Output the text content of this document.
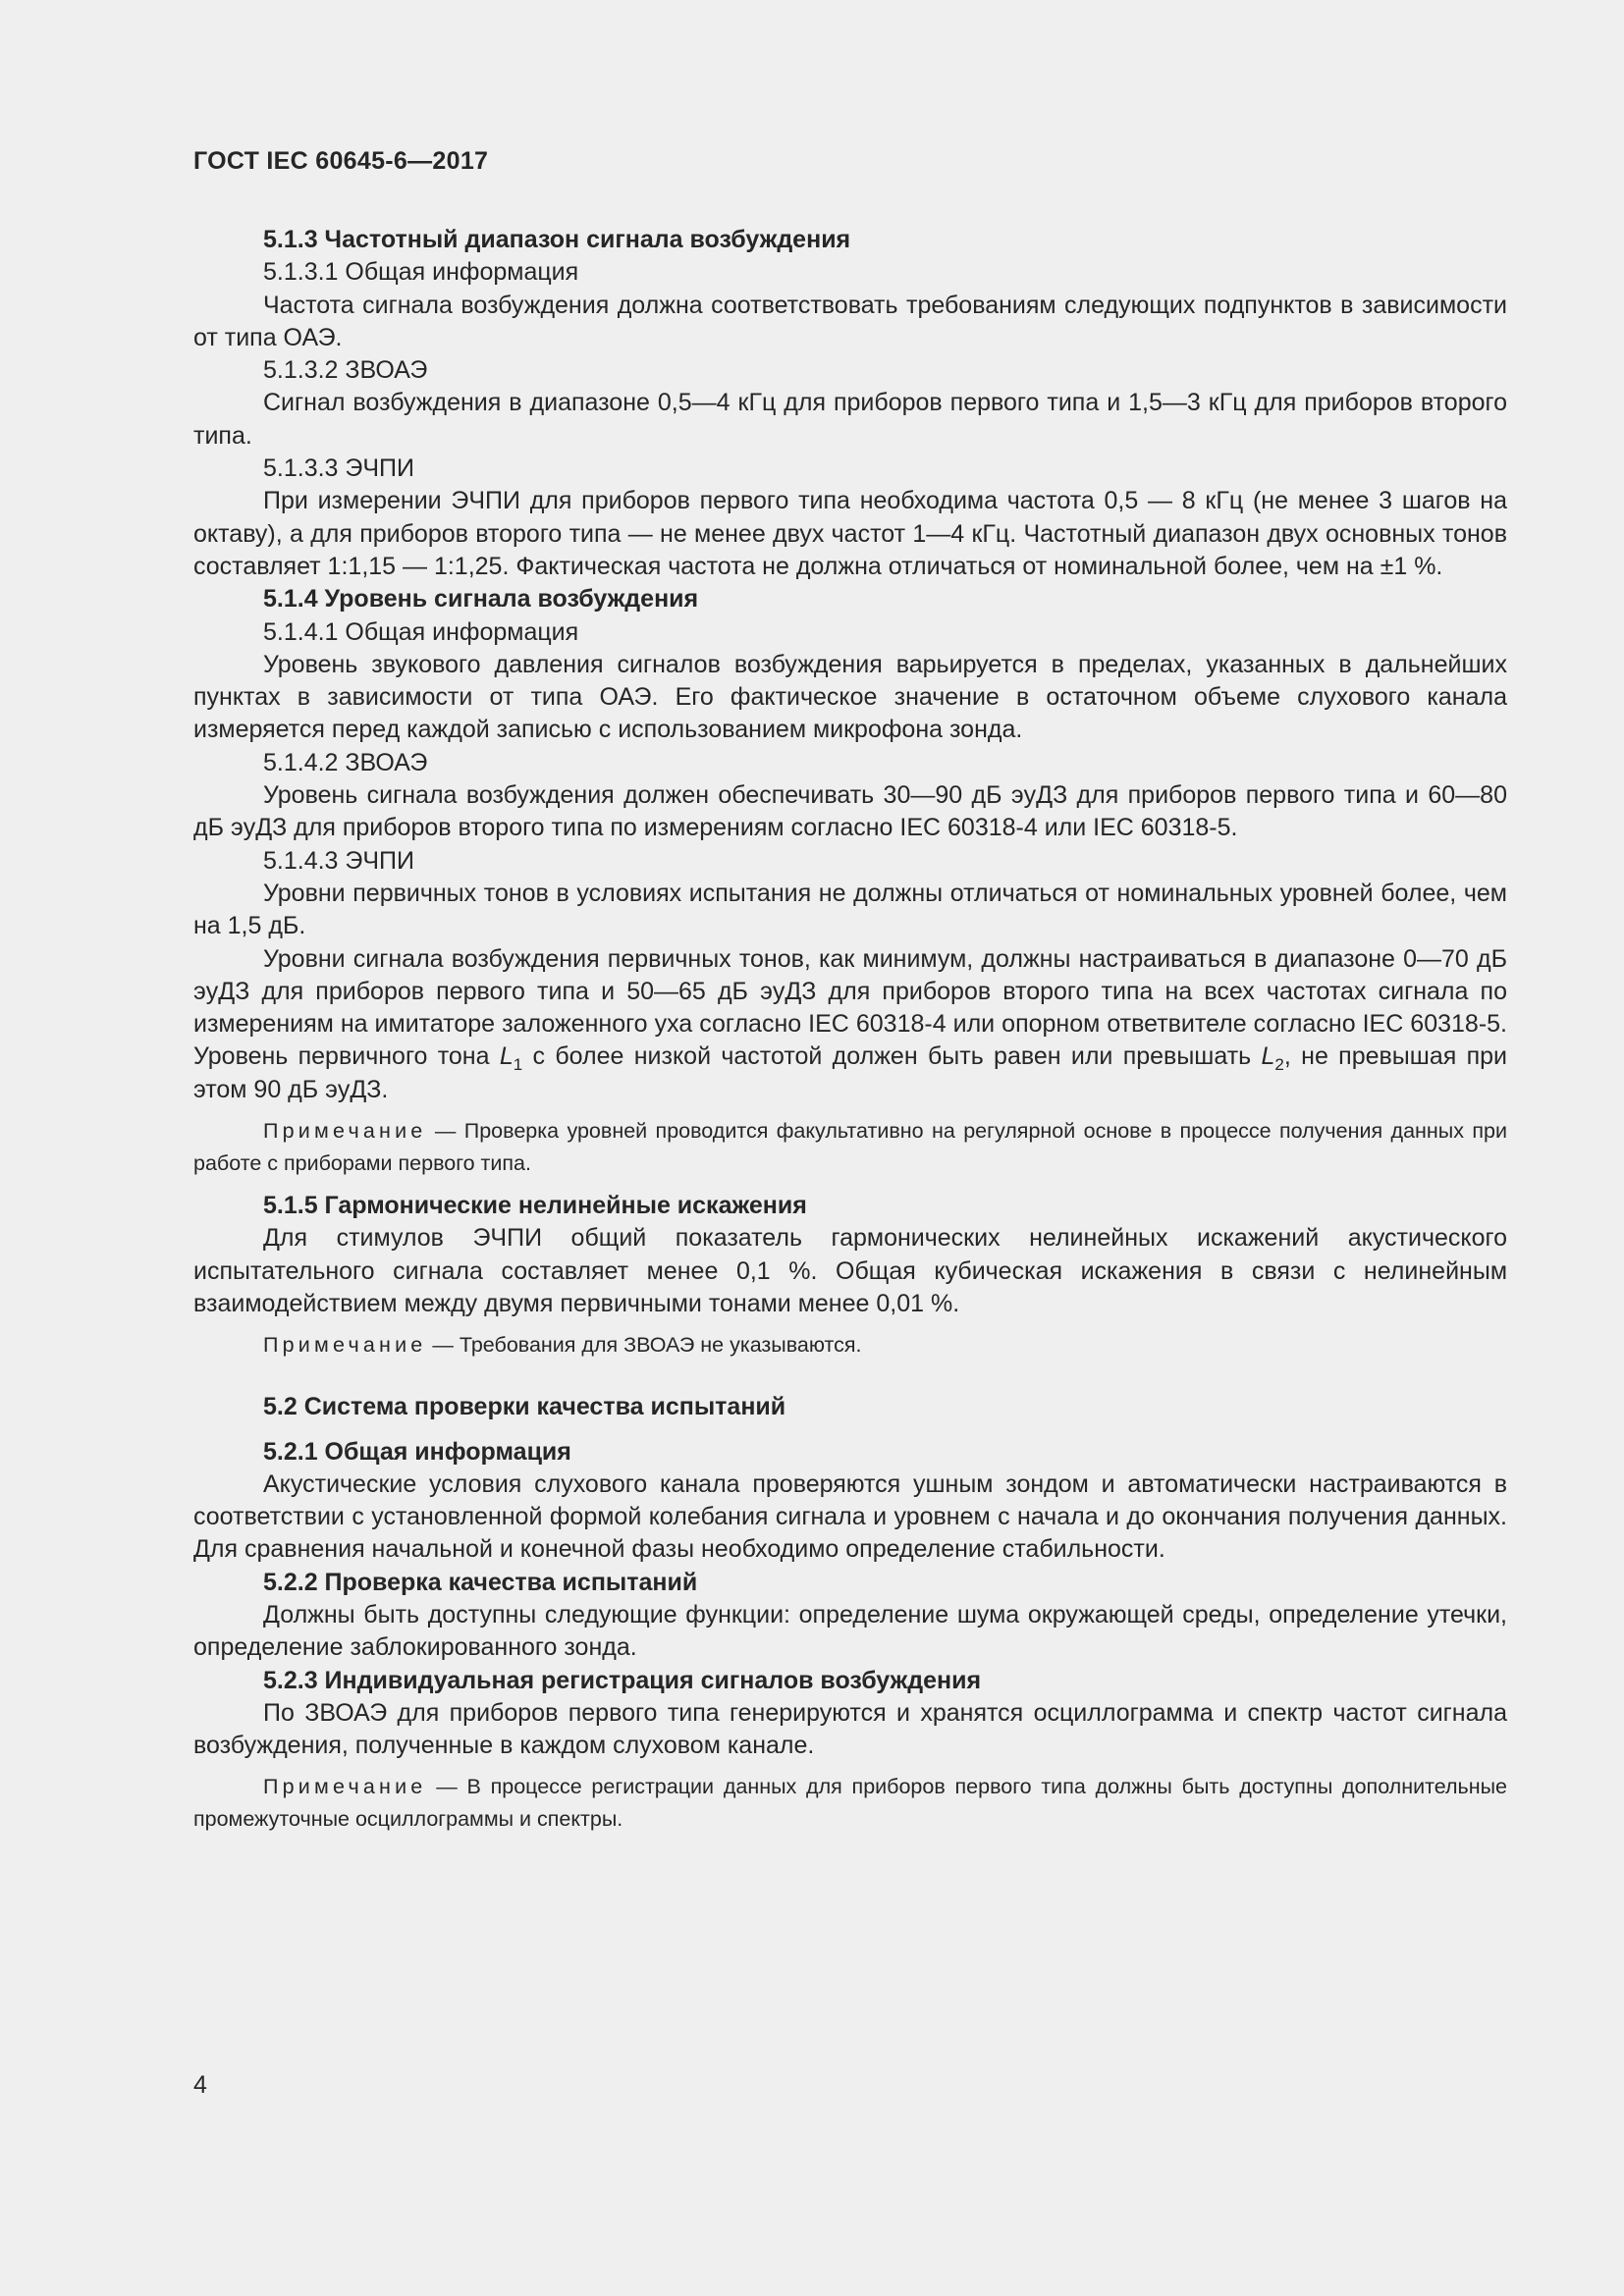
ГОСТ IEC 60645-6—2017

5.1.3 Частотный диапазон сигнала возбуждения

5.1.3.1 Общая информация

Частота сигнала возбуждения должна соответствовать требованиям следующих подпунктов в зависимости от типа ОАЭ.

5.1.3.2 ЗВОАЭ

Сигнал возбуждения в диапазоне 0,5—4 кГц для приборов первого типа и 1,5—3 кГц для приборов второго типа.

5.1.3.3 ЭЧПИ

При измерении ЭЧПИ для приборов первого типа необходима частота 0,5 — 8 кГц (не менее 3 шагов на октаву), а для приборов второго типа — не менее двух частот 1—4 кГц. Частотный диапазон двух основных тонов составляет 1:1,15 — 1:1,25. Фактическая частота не должна отличаться от номинальной более, чем на ±1 %.

5.1.4 Уровень сигнала возбуждения

5.1.4.1 Общая информация

Уровень звукового давления сигналов возбуждения варьируется в пределах, указанных в дальнейших пунктах в зависимости от типа ОАЭ. Его фактическое значение в остаточном объеме слухового канала измеряется перед каждой записью с использованием микрофона зонда.

5.1.4.2 ЗВОАЭ

Уровень сигнала возбуждения должен обеспечивать 30—90 дБ эуДЗ для приборов первого типа и 60—80 дБ эуДЗ для приборов второго типа по измерениям согласно IEC 60318-4 или IEC 60318-5.

5.1.4.3 ЭЧПИ

Уровни первичных тонов в условиях испытания не должны отличаться от номинальных уровней более, чем на 1,5 дБ.

Уровни сигнала возбуждения первичных тонов, как минимум, должны настраиваться в диапазоне 0—70 дБ эуДЗ для приборов первого типа и 50—65 дБ эуДЗ для приборов второго типа на всех частотах сигнала по измерениям на имитаторе заложенного уха согласно IEC 60318-4 или опорном ответвителе согласно IEC 60318-5. Уровень первичного тона $L_1$ с более низкой частотой должен быть равен или превышать $L_2$, не превышая при этом 90 дБ эуДЗ.

Примечание — Проверка уровней проводится факультативно на регулярной основе в процессе получения данных при работе с приборами первого типа.

5.1.5 Гармонические нелинейные искажения

Для стимулов ЭЧПИ общий показатель гармонических нелинейных искажений акустического испытательного сигнала составляет менее 0,1 %. Общая кубическая искажения в связи с нелинейным взаимодействием между двумя первичными тонами менее 0,01 %.

Примечание — Требования для ЗВОАЭ не указываются.

5.2 Система проверки качества испытаний

5.2.1 Общая информация

Акустические условия слухового канала проверяются ушным зондом и автоматически настраиваются в соответствии с установленной формой колебания сигнала и уровнем с начала и до окончания получения данных. Для сравнения начальной и конечной фазы необходимо определение стабильности.

5.2.2 Проверка качества испытаний

Должны быть доступны следующие функции: определение шума окружающей среды, определение утечки, определение заблокированного зонда.

5.2.3 Индивидуальная регистрация сигналов возбуждения

По ЗВОАЭ для приборов первого типа генерируются и хранятся осциллограмма и спектр частот сигнала возбуждения, полученные в каждом слуховом канале.

Примечание — В процессе регистрации данных для приборов первого типа должны быть доступны дополнительные промежуточные осциллограммы и спектры.

4
